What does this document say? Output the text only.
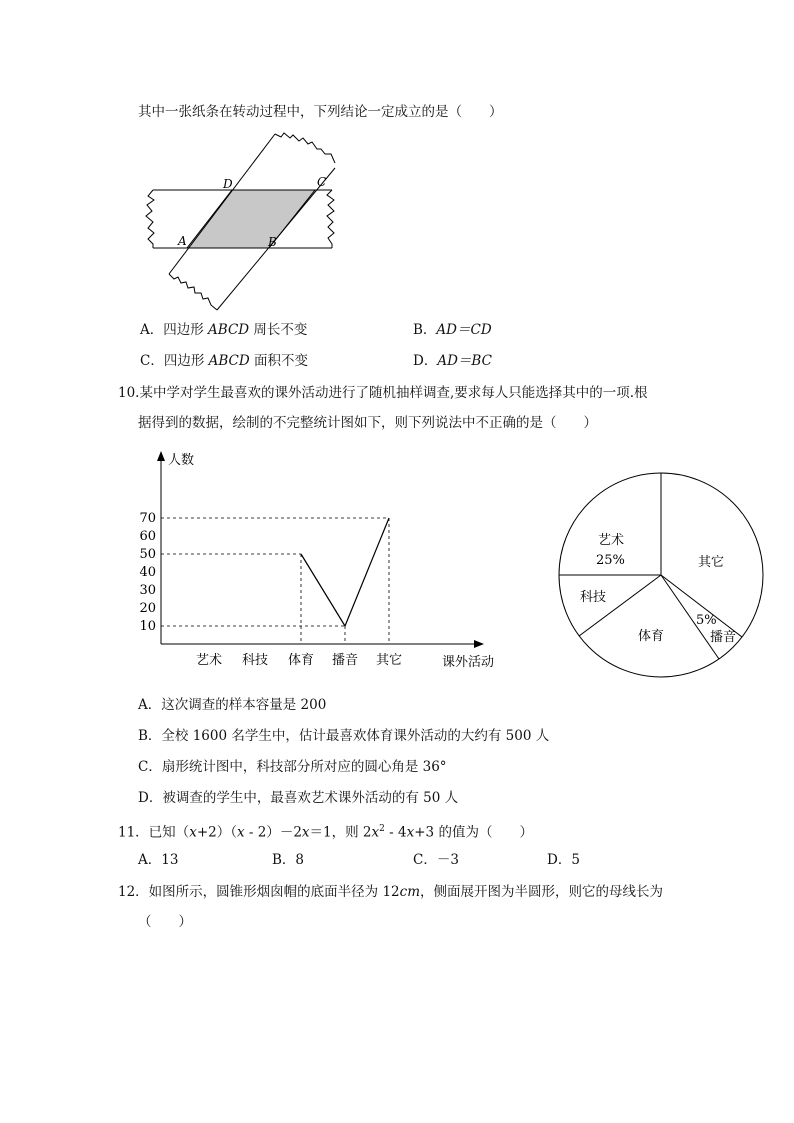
其中一张纸条在转动过程中，下列结论一定成立的是（　　）
D	C
A	B
A．四边形 ABCD 周长不变	B．AD＝CD
C．四边形 ABCD 面积不变	D．AD＝BC
10.某中学对学生最喜欢的课外活动进行了随机抽样调查,要求每人只能选择其中的一项.根
据得到的数据，绘制的不完整统计图如下，则下列说法中不正确的是（　　）
人数
课外活动
10
20
30
40
50
60
70
艺术 科技 体育 播音 其它
艺术
25%	其它
5%
播音
体育
科技
A．这次调查的样本容量是 200
B．全校 1600 名学生中，估计最喜欢体育课外活动的大约有 500 人
C．扇形统计图中，科技部分所对应的圆心角是 36°
D．被调查的学生中，最喜欢艺术课外活动的有 50 人
11．已知（x+2）（x - 2）－2x＝1，则 $2x^2 - 4x+3$ 的值为（　　）
A．13	B．8	C．－3	D．5
12．如图所示，圆锥形烟囱帽的底面半径为 12cm，侧面展开图为半圆形，则它的母线长为
（　　）
